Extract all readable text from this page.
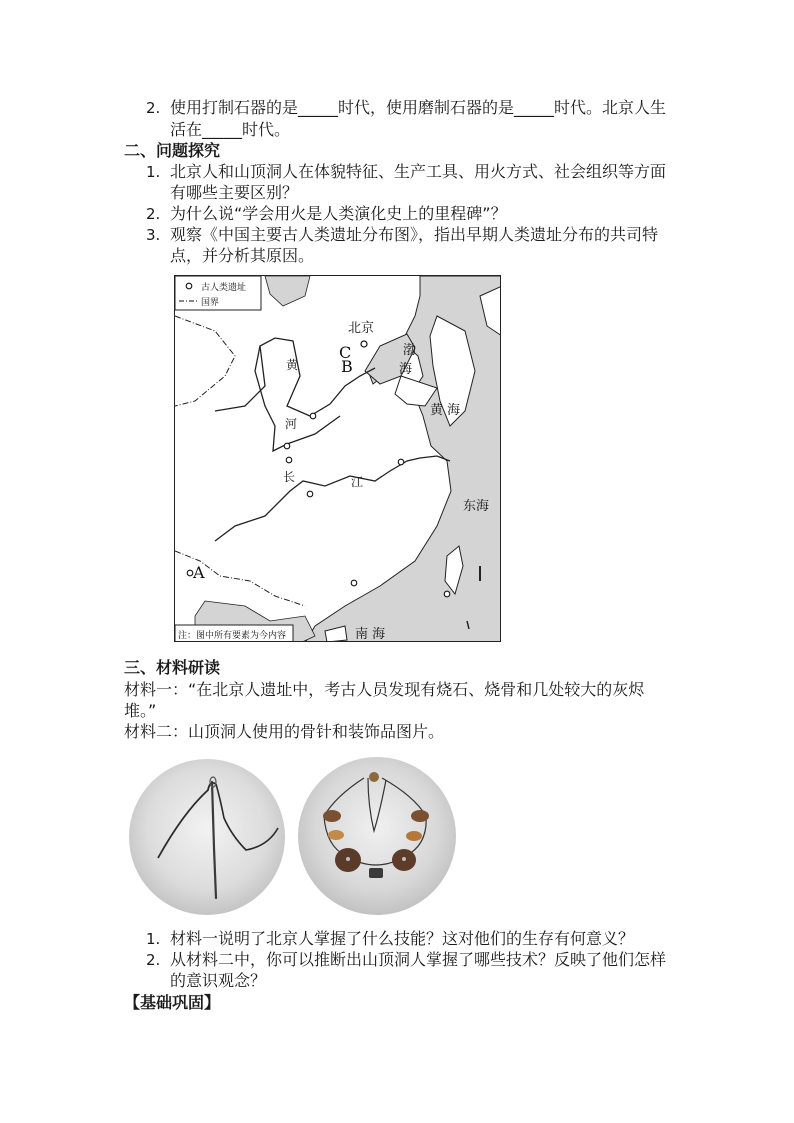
2. 使用打制石器的是_____时代，使用磨制石器的是_____时代。北京人生
活在_____时代。
二、问题探究
1. 北京人和山顶洞人在体貌特征、生产工具、用火方式、社会组织等方面
有哪些主要区别？
2. 为什么说“学会用火是人类演化史上的里程碑”？
3. 观察《中国主要古人类遗址分布图》，指出早期人类遗址分布的共司特
点，并分析其原因。
古人类遗址
国界
注：图中所有要素为今内容
北京
C
B
A
渤
海
黄 海
东海
南 海
黄
河
长	江
三、材料研读
材料一：“在北京人遗址中，考古人员发现有烧石、烧骨和几处较大的灰烬
堆。”
材料二：山顶洞人使用的骨针和装饰品图片。
1. 材料一说明了北京人掌握了什么技能？这对他们的生存有何意义？
2. 从材料二中，你可以推断出山顶洞人掌握了哪些技术？反映了他们怎样
的意识观念？
【基础巩固】
